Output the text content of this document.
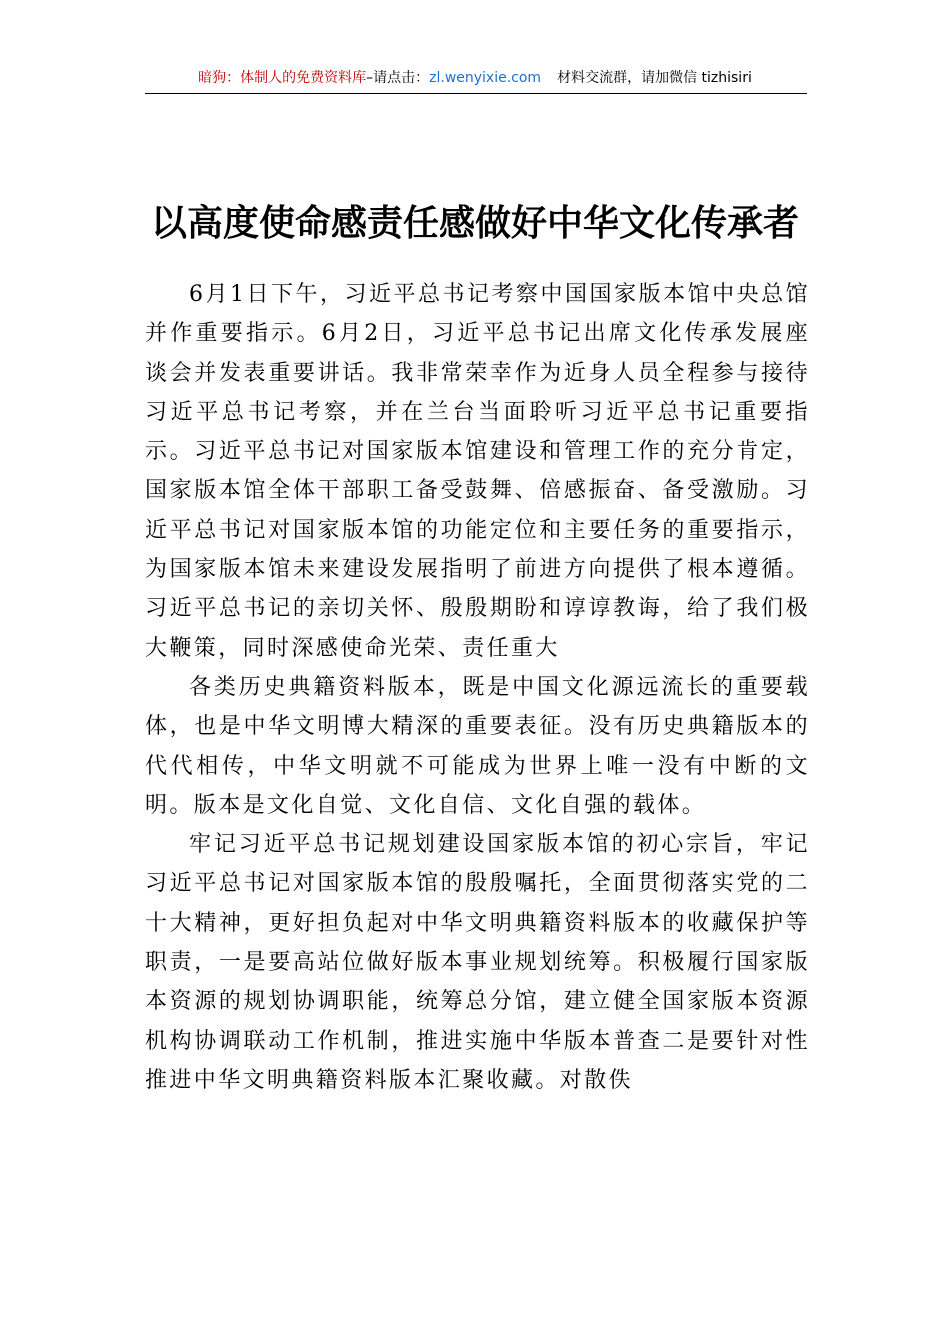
暗狗：体制人的免费资料库–请点击：zl.wenyixie.com 材料交流群，请加微信 tizhisiri
以高度使命感责任感做好中华文化传承者

6月1日下午，习近平总书记考察中国国家版本馆中央总馆并作重要指示。6月2日，习近平总书记出席文化传承发展座谈会并发表重要讲话。我非常荣幸作为近身人员全程参与接待习近平总书记考察，并在兰台当面聆听习近平总书记重要指示。习近平总书记对国家版本馆建设和管理工作的充分肯定，国家版本馆全体干部职工备受鼓舞、倍感振奋、备受激励。习近平总书记对国家版本馆的功能定位和主要任务的重要指示，为国家版本馆未来建设发展指明了前进方向提供了根本遵循。习近平总书记的亲切关怀、殷殷期盼和谆谆教诲，给了我们极大鞭策，同时深感使命光荣、责任重大

各类历史典籍资料版本，既是中国文化源远流长的重要载体，也是中华文明博大精深的重要表征。没有历史典籍版本的代代相传，中华文明就不可能成为世界上唯一没有中断的文明。版本是文化自觉、文化自信、文化自强的载体。

牢记习近平总书记规划建设国家版本馆的初心宗旨，牢记习近平总书记对国家版本馆的殷殷嘱托，全面贯彻落实党的二十大精神，更好担负起对中华文明典籍资料版本的收藏保护等职责，一是要高站位做好版本事业规划统筹。积极履行国家版本资源的规划协调职能，统筹总分馆，建立健全国家版本资源机构协调联动工作机制，推进实施中华版本普查二是要针对性推进中华文明典籍资料版本汇聚收藏。对散佚
